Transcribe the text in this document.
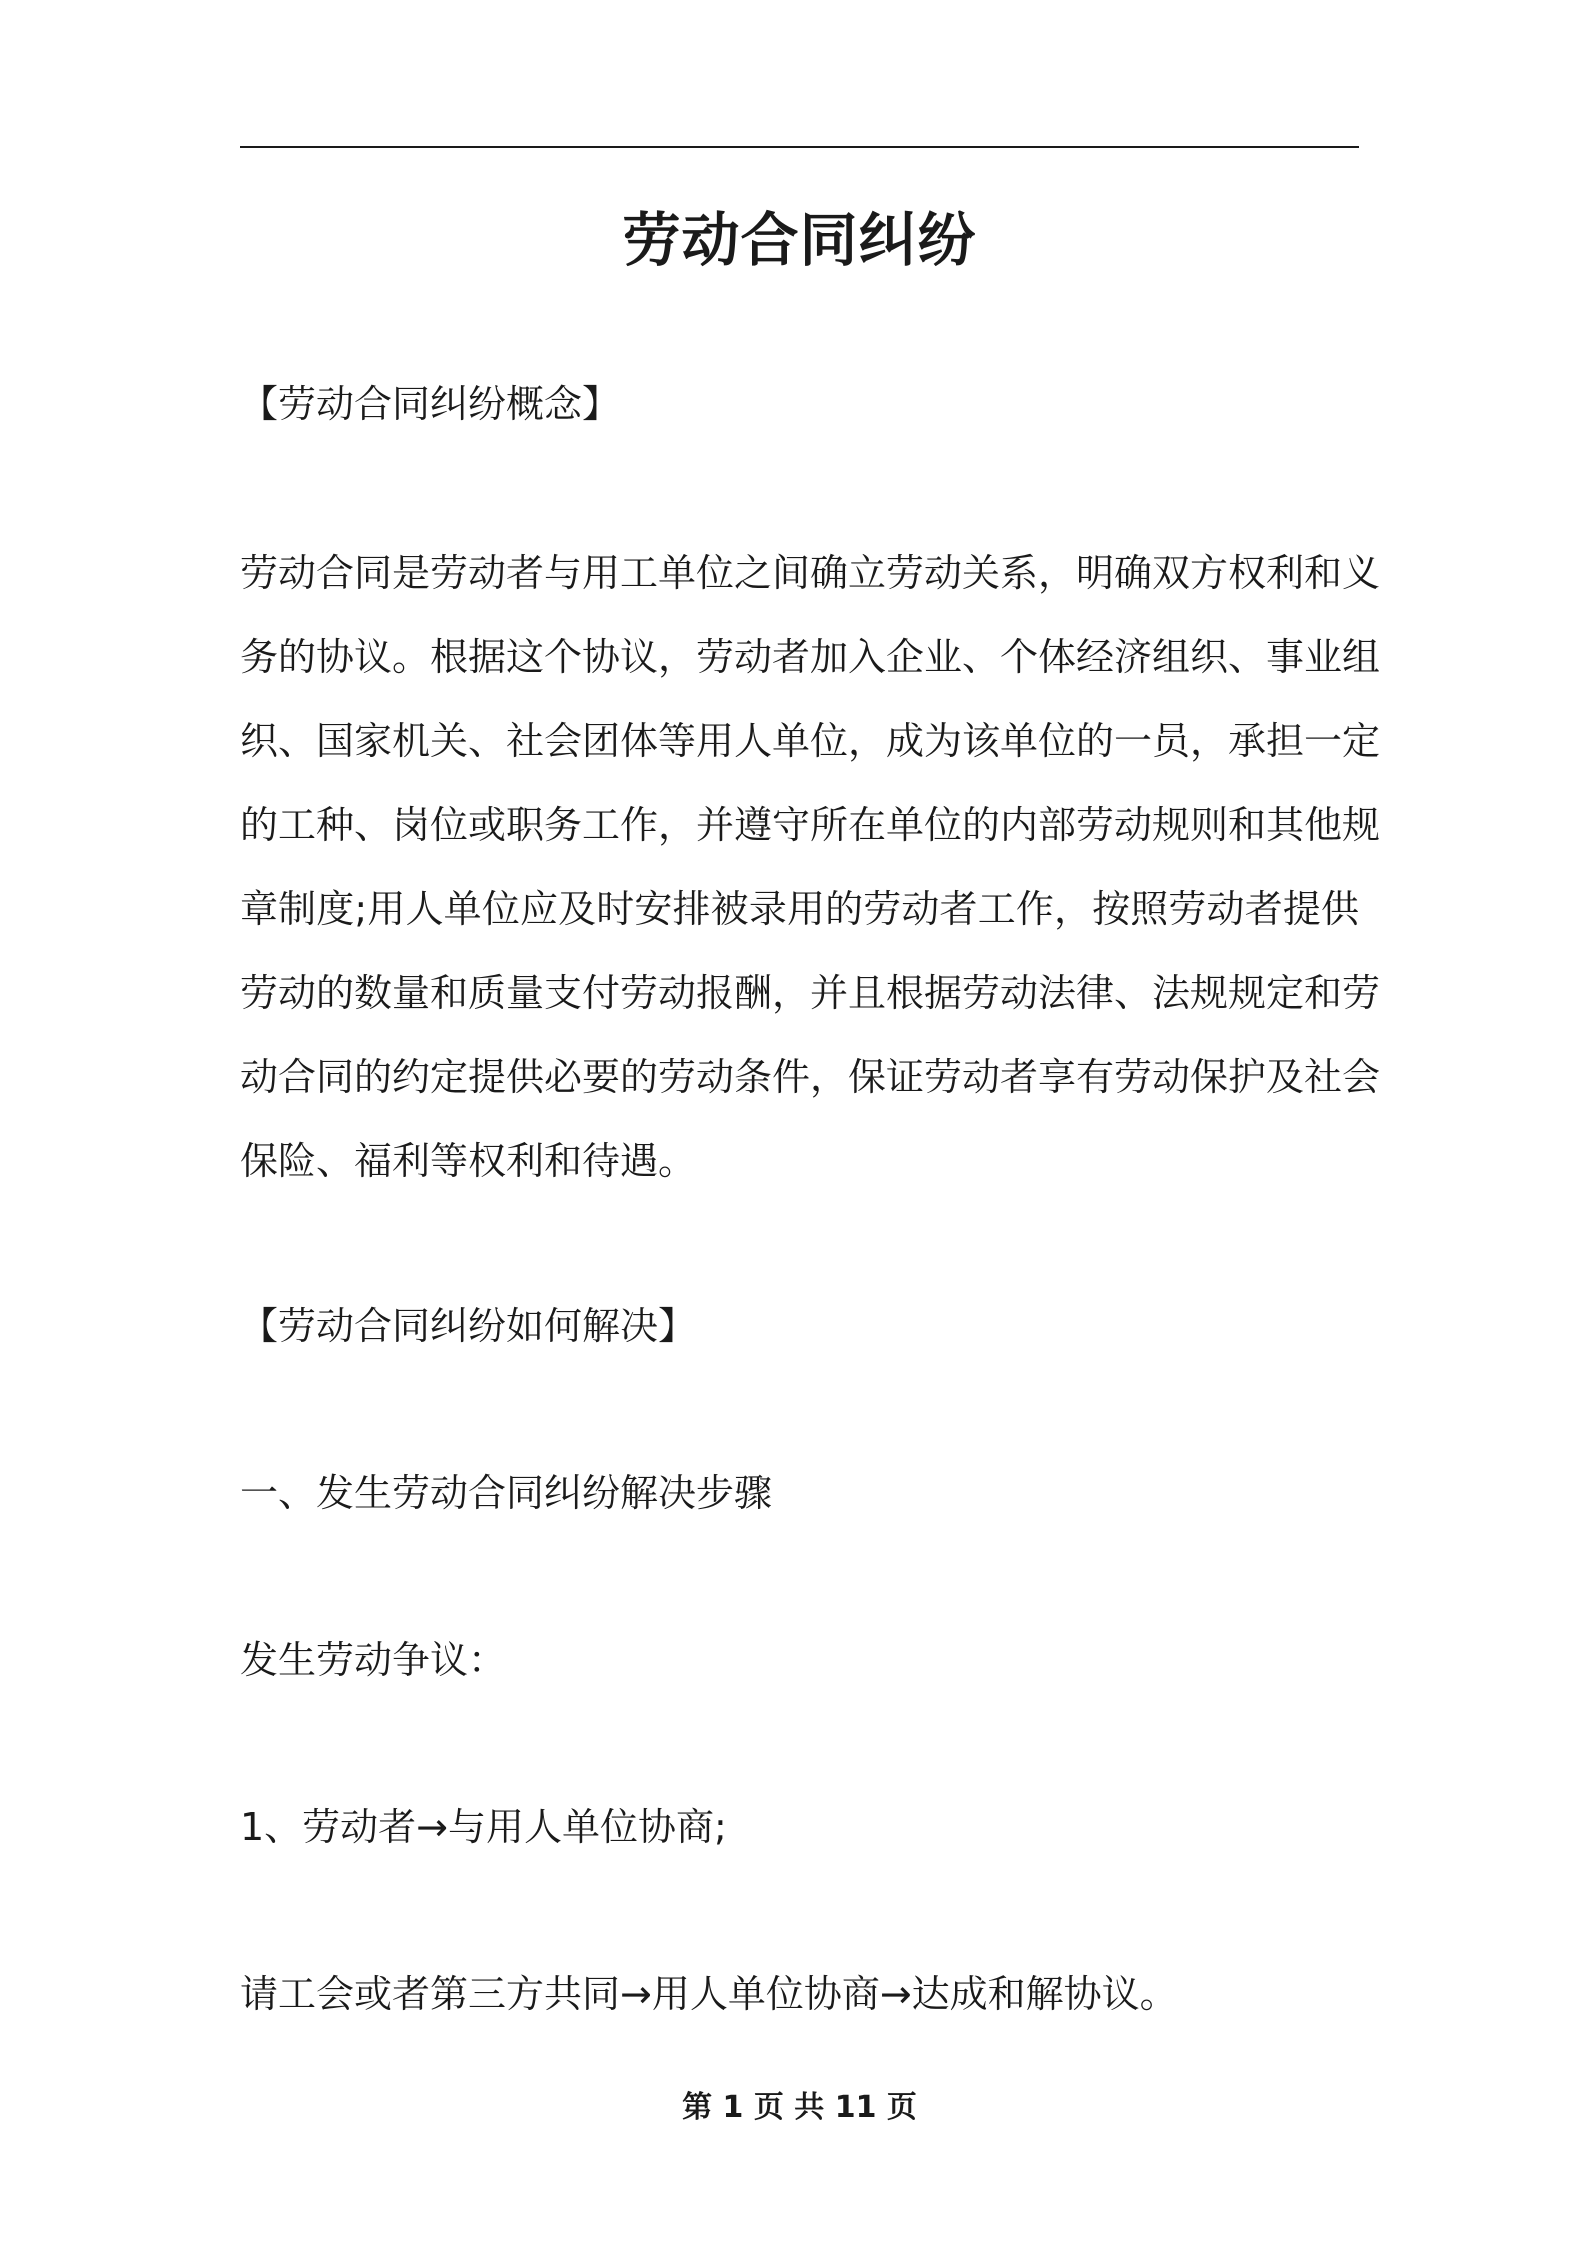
劳动合同纠纷
【劳动合同纠纷概念】
劳动合同是劳动者与用工单位之间确立劳动关系，明确双方权利和义
务的协议。根据这个协议，劳动者加入企业、个体经济组织、事业组
织、国家机关、社会团体等用人单位，成为该单位的一员，承担一定
的工种、岗位或职务工作，并遵守所在单位的内部劳动规则和其他规
章制度;用人单位应及时安排被录用的劳动者工作，按照劳动者提供
劳动的数量和质量支付劳动报酬，并且根据劳动法律、法规规定和劳
动合同的约定提供必要的劳动条件，保证劳动者享有劳动保护及社会
保险、福利等权利和待遇。
【劳动合同纠纷如何解决】
一、发生劳动合同纠纷解决步骤
发生劳动争议：
1、劳动者→与用人单位协商;
请工会或者第三方共同→用人单位协商→达成和解协议。
第 1 页 共 11 页
